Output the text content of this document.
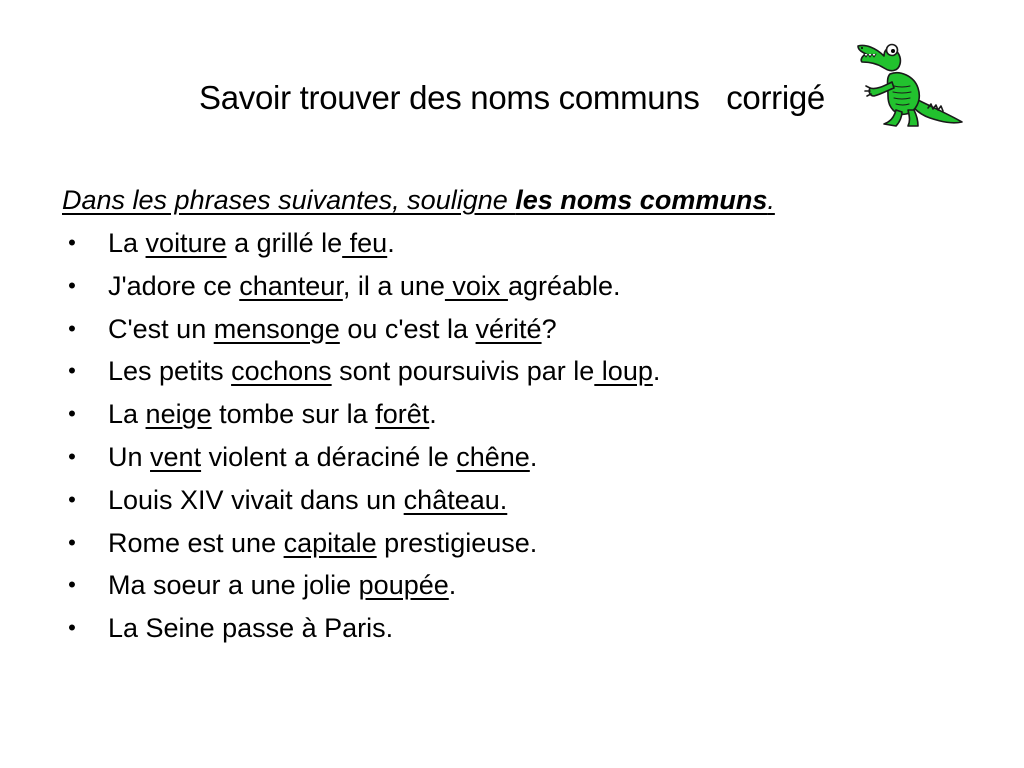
Savoir trouver des noms communs   corrigé
Dans les phrases suivantes, souligne les noms communs.
• La voiture a grillé le feu.
• J'adore ce chanteur, il a une voix agréable.
• C'est un mensonge ou c'est la vérité?
• Les petits cochons sont poursuivis par le loup.
• La neige tombe sur la forêt.
• Un vent violent a déraciné le chêne.
• Louis XIV vivait dans un château.
• Rome est une capitale prestigieuse.
• Ma soeur a une jolie poupée.
• La Seine passe à Paris.
